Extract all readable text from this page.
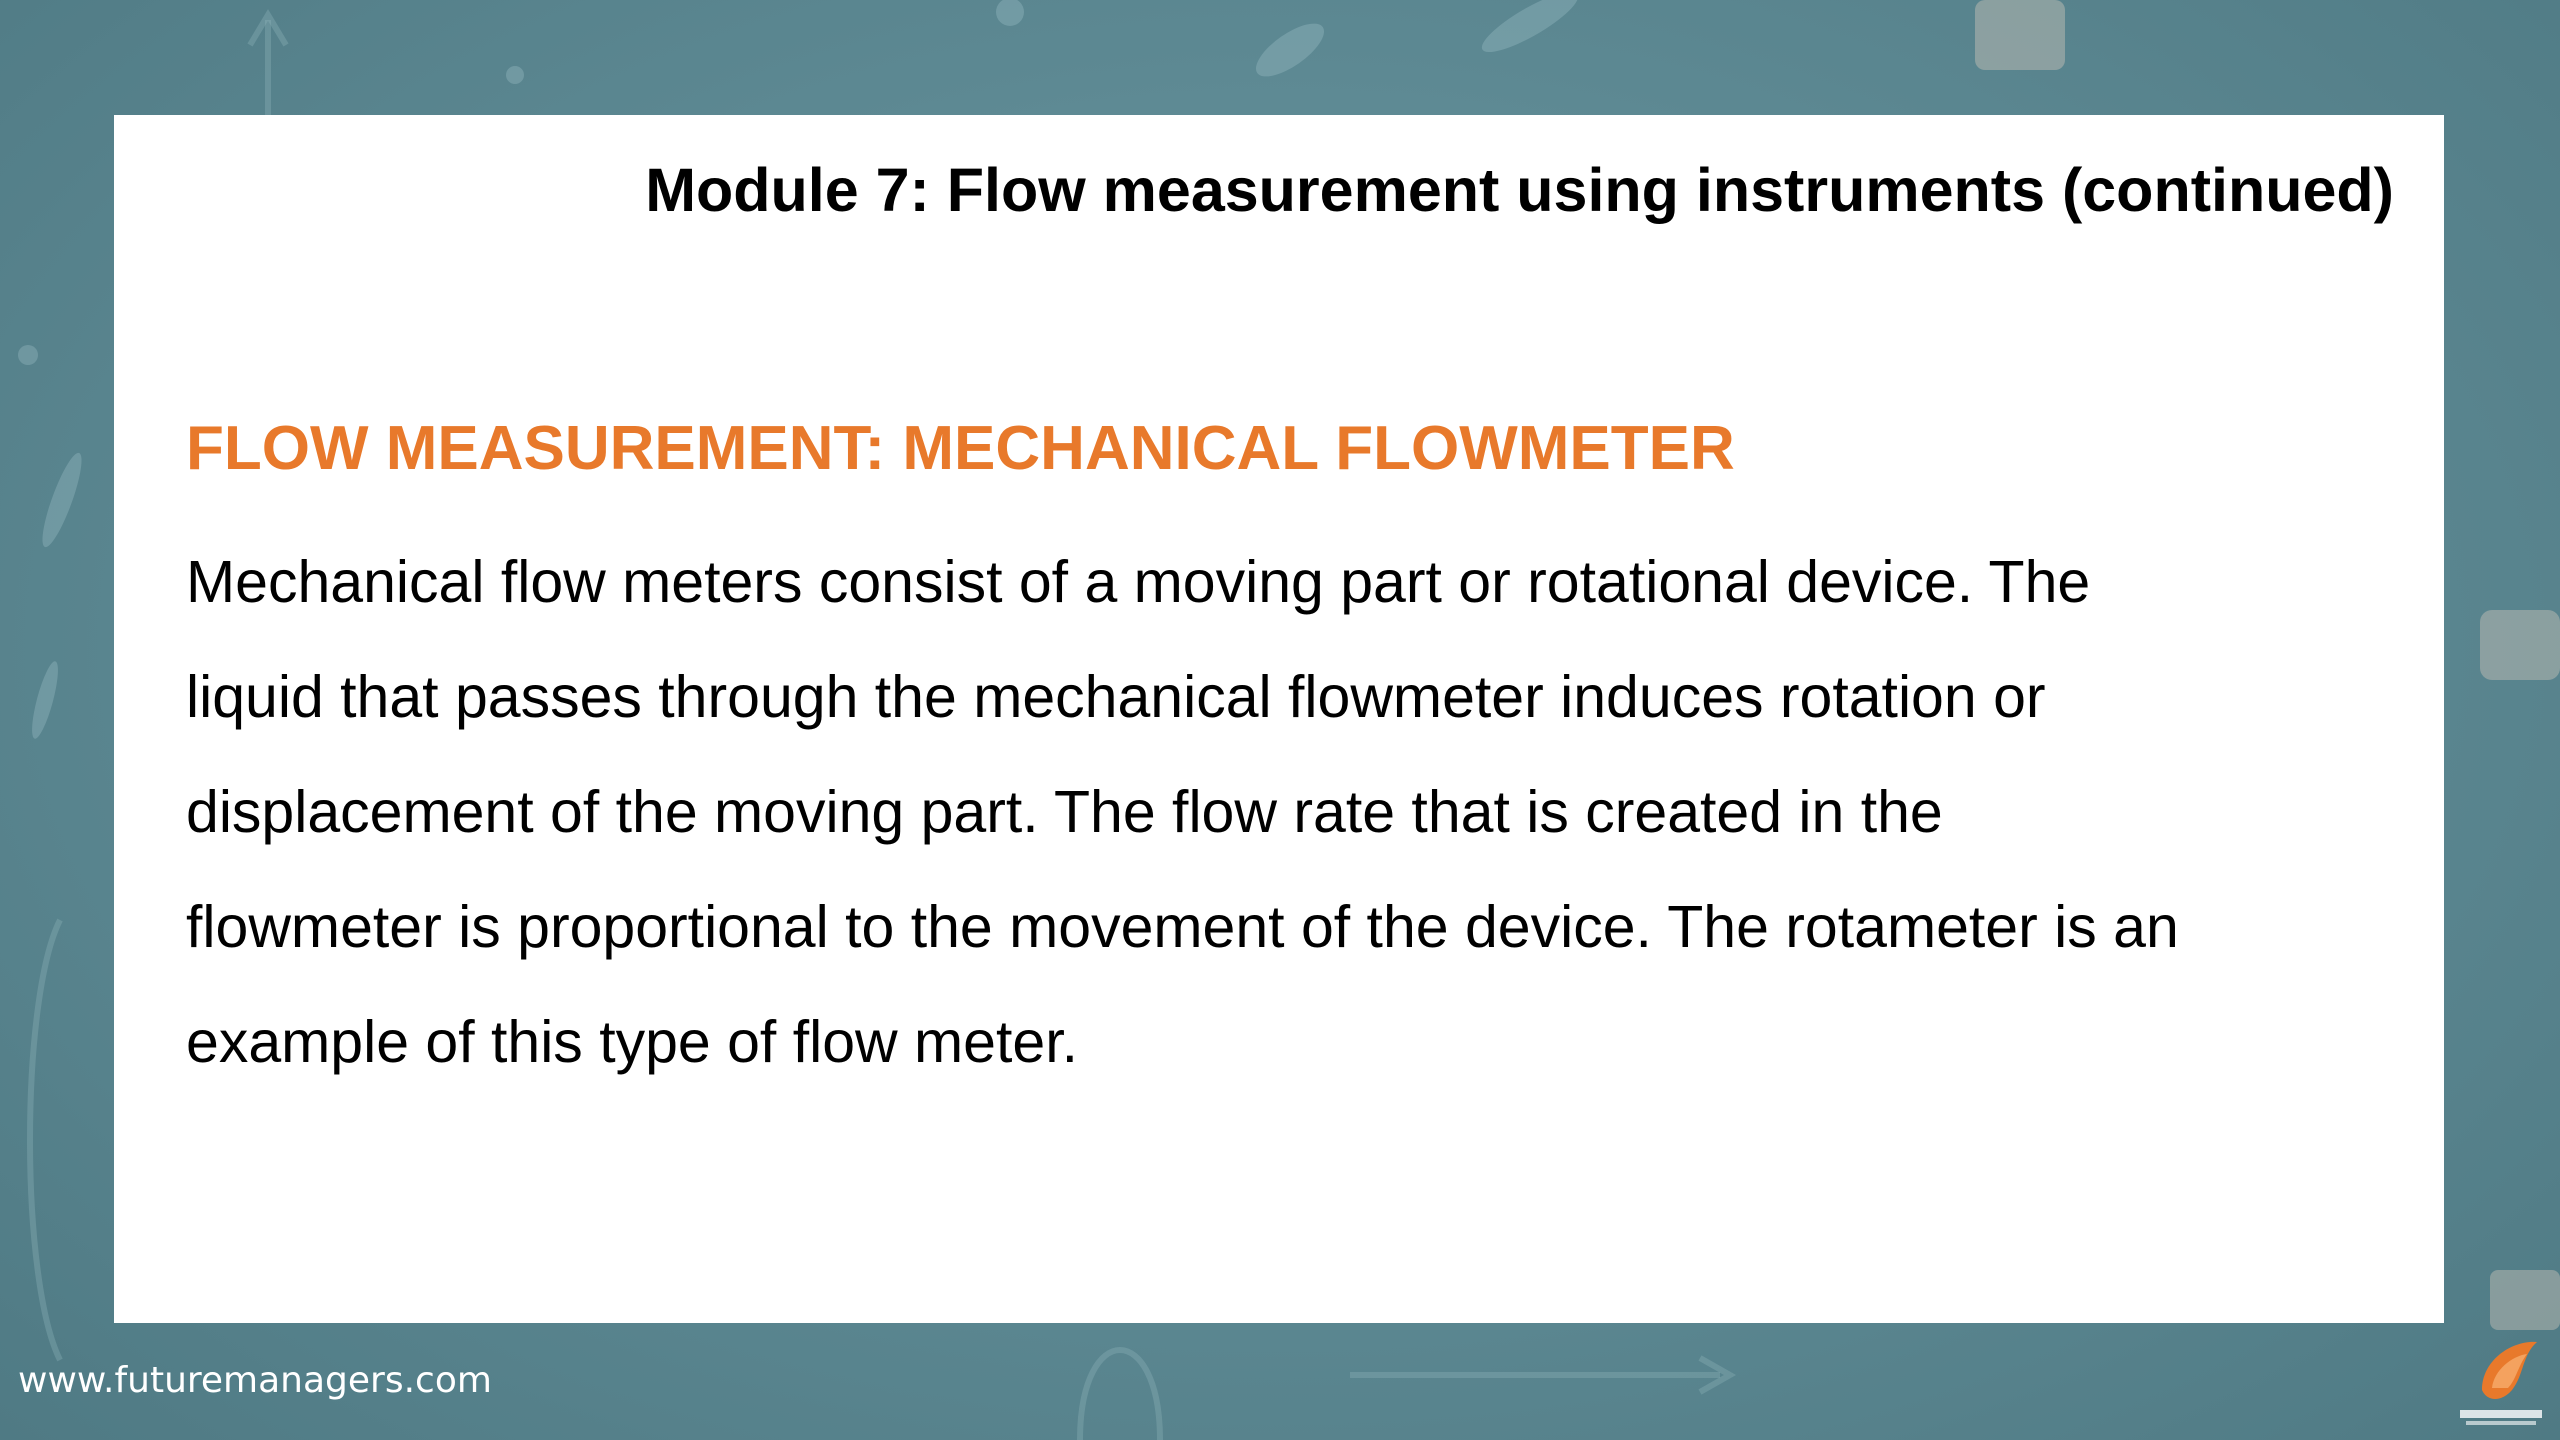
Module 7: Flow measurement using instruments (continued)
FLOW MEASUREMENT: MECHANICAL FLOWMETER

Mechanical flow meters consist of a moving part or rotational device. The
liquid that passes through the mechanical flowmeter induces rotation or
displacement of the moving part. The flow rate that is created in the
flowmeter is proportional to the movement of the device. The rotameter is an
example of this type of flow meter.

www.futuremanagers.com
